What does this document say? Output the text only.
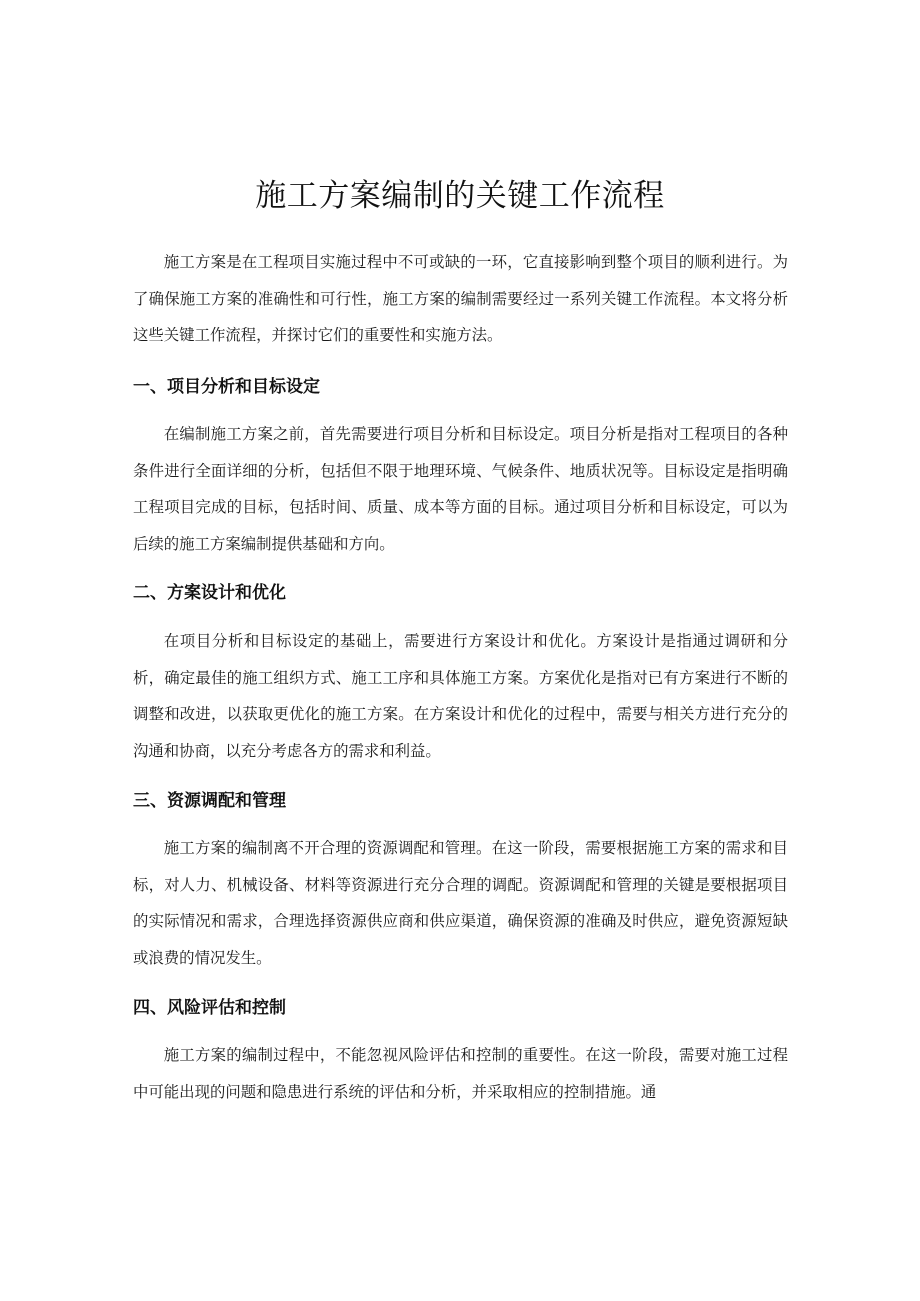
施工方案编制的关键工作流程

施工方案是在工程项目实施过程中不可或缺的一环，它直接影响到整个项目的顺利进行。为了确保施工方案的准确性和可行性，施工方案的编制需要经过一系列关键工作流程。本文将分析这些关键工作流程，并探讨它们的重要性和实施方法。

一、项目分析和目标设定

在编制施工方案之前，首先需要进行项目分析和目标设定。项目分析是指对工程项目的各种条件进行全面详细的分析，包括但不限于地理环境、气候条件、地质状况等。目标设定是指明确工程项目完成的目标，包括时间、质量、成本等方面的目标。通过项目分析和目标设定，可以为后续的施工方案编制提供基础和方向。

二、方案设计和优化

在项目分析和目标设定的基础上，需要进行方案设计和优化。方案设计是指通过调研和分析，确定最佳的施工组织方式、施工工序和具体施工方案。方案优化是指对已有方案进行不断的调整和改进，以获取更优化的施工方案。在方案设计和优化的过程中，需要与相关方进行充分的沟通和协商，以充分考虑各方的需求和利益。

三、资源调配和管理

施工方案的编制离不开合理的资源调配和管理。在这一阶段，需要根据施工方案的需求和目标，对人力、机械设备、材料等资源进行充分合理的调配。资源调配和管理的关键是要根据项目的实际情况和需求，合理选择资源供应商和供应渠道，确保资源的准确及时供应，避免资源短缺或浪费的情况发生。

四、风险评估和控制

施工方案的编制过程中，不能忽视风险评估和控制的重要性。在这一阶段，需要对施工过程中可能出现的问题和隐患进行系统的评估和分析，并采取相应的控制措施。通
